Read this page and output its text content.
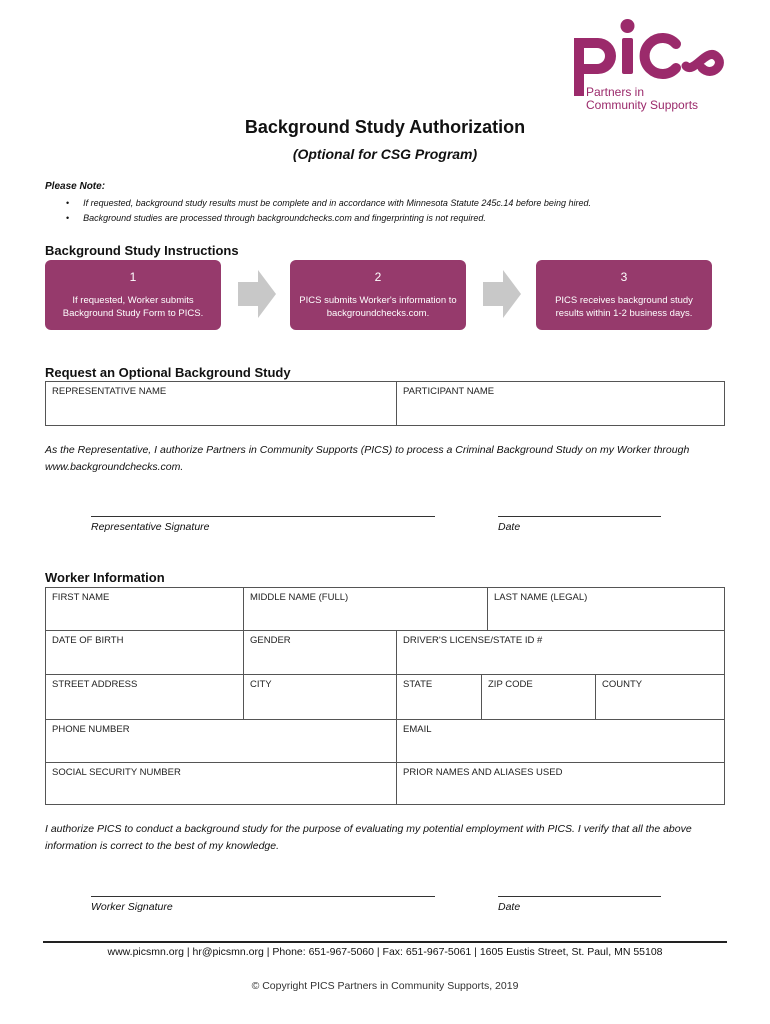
Partners in
Community Supports
Background Study Authorization
(Optional for CSG Program)
Please Note:
• If requested, background study results must be complete and in accordance with Minnesota Statute 245c.14 before being hired.
• Background studies are processed through backgroundchecks.com and fingerprinting is not required.
Background Study Instructions
1
If requested, Worker submits Background Study Form to PICS.
2
PICS submits Worker's information to backgroundchecks.com.
3
PICS receives background study results within 1-2 business days.
Request an Optional Background Study
REPRESENTATIVE NAME	PARTICIPANT NAME
As the Representative, I authorize Partners in Community Supports (PICS) to process a Criminal Background Study on my Worker through www.backgroundchecks.com.
Representative Signature	Date
Worker Information
FIRST NAME	MIDDLE NAME (FULL)	LAST NAME (LEGAL)
DATE OF BIRTH	GENDER	DRIVER'S LICENSE/STATE ID #
STREET ADDRESS	CITY	STATE	ZIP CODE	COUNTY
PHONE NUMBER	EMAIL
SOCIAL SECURITY NUMBER	PRIOR NAMES AND ALIASES USED
I authorize PICS to conduct a background study for the purpose of evaluating my potential employment with PICS. I verify that all the above information is correct to the best of my knowledge.
Worker Signature	Date
www.picsmn.org | hr@picsmn.org | Phone: 651-967-5060 | Fax: 651-967-5061 | 1605 Eustis Street, St. Paul, MN 55108
© Copyright PICS Partners in Community Supports, 2019
